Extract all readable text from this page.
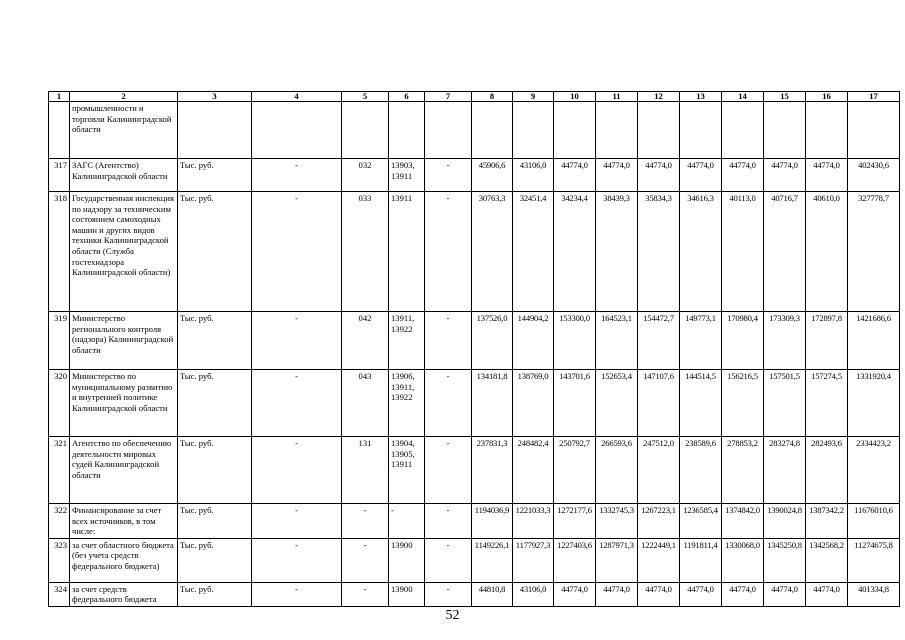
1	2	3	4	5	6	7	8	9	10	11	12	13	14	15	16	17
	промышленности и торговли Калининградской области															
317	ЗАГС (Агентство) Калининградской области	Тыс. руб.	-	032	13903, 13911	-	45906,6	43106,0	44774,0	44774,0	44774,0	44774,0	44774,0	44774,0	44774,0	402430,6
318	Государственная инспекция по надзору за техническим состоянием самоходных машин и других видов техники Калининградской области (Служба гостехнадзора Калининградской области)	Тыс. руб.	-	033	13911	-	30763,3	32451,4	34234,4	38439,3	35834,3	34616,3	40113,0	40716,7	40610,0	327778,7
319	Министерство регионального контроля (надзора) Калининградской области	Тыс. руб.	-	042	13911, 13922	-	137526,0	144904,2	153300,0	164523,1	154472,7	149773,1	170980,4	173309,3	172897,8	1421686,6
320	Министерство по муниципальному развитию и внутренней политике Калининградской области	Тыс. руб.	-	043	13906, 13911, 13922	-	134181,8	138769,0	143701,6	152653,4	147107,6	144514,5	156216,5	157501,5	157274,5	1331920,4
321	Агентство по обеспечению деятельности мировых судей Калининградской области	Тыс. руб.	-	131	13904, 13905, 13911	-	237831,3	248482,4	250792,7	266593,6	247512,0	238589,6	278853,2	283274,8	282493,6	2334423,2
322	Финансирование за счет всех источников, в том числе:	Тыс. руб.	-	-	-	-	1194036,9	1221033,3	1272177,6	1332745,3	1267223,1	1236585,4	1374842,0	1390024,8	1387342,2	11676010,6
323	за счет областного бюджета (без учета средств федерального бюджета)	Тыс. руб.	-	-	13900	-	1149226,1	1177927,3	1227403,6	1287971,3	1222449,1	1191811,4	1330068,0	1345250,8	1342568,2	11274675,8
324	за счет средств федерального бюджета	Тыс. руб.	-	-	13900	-	44810,8	43106,0	44774,0	44774,0	44774,0	44774,0	44774,0	44774,0	44774,0	401334,8
52
